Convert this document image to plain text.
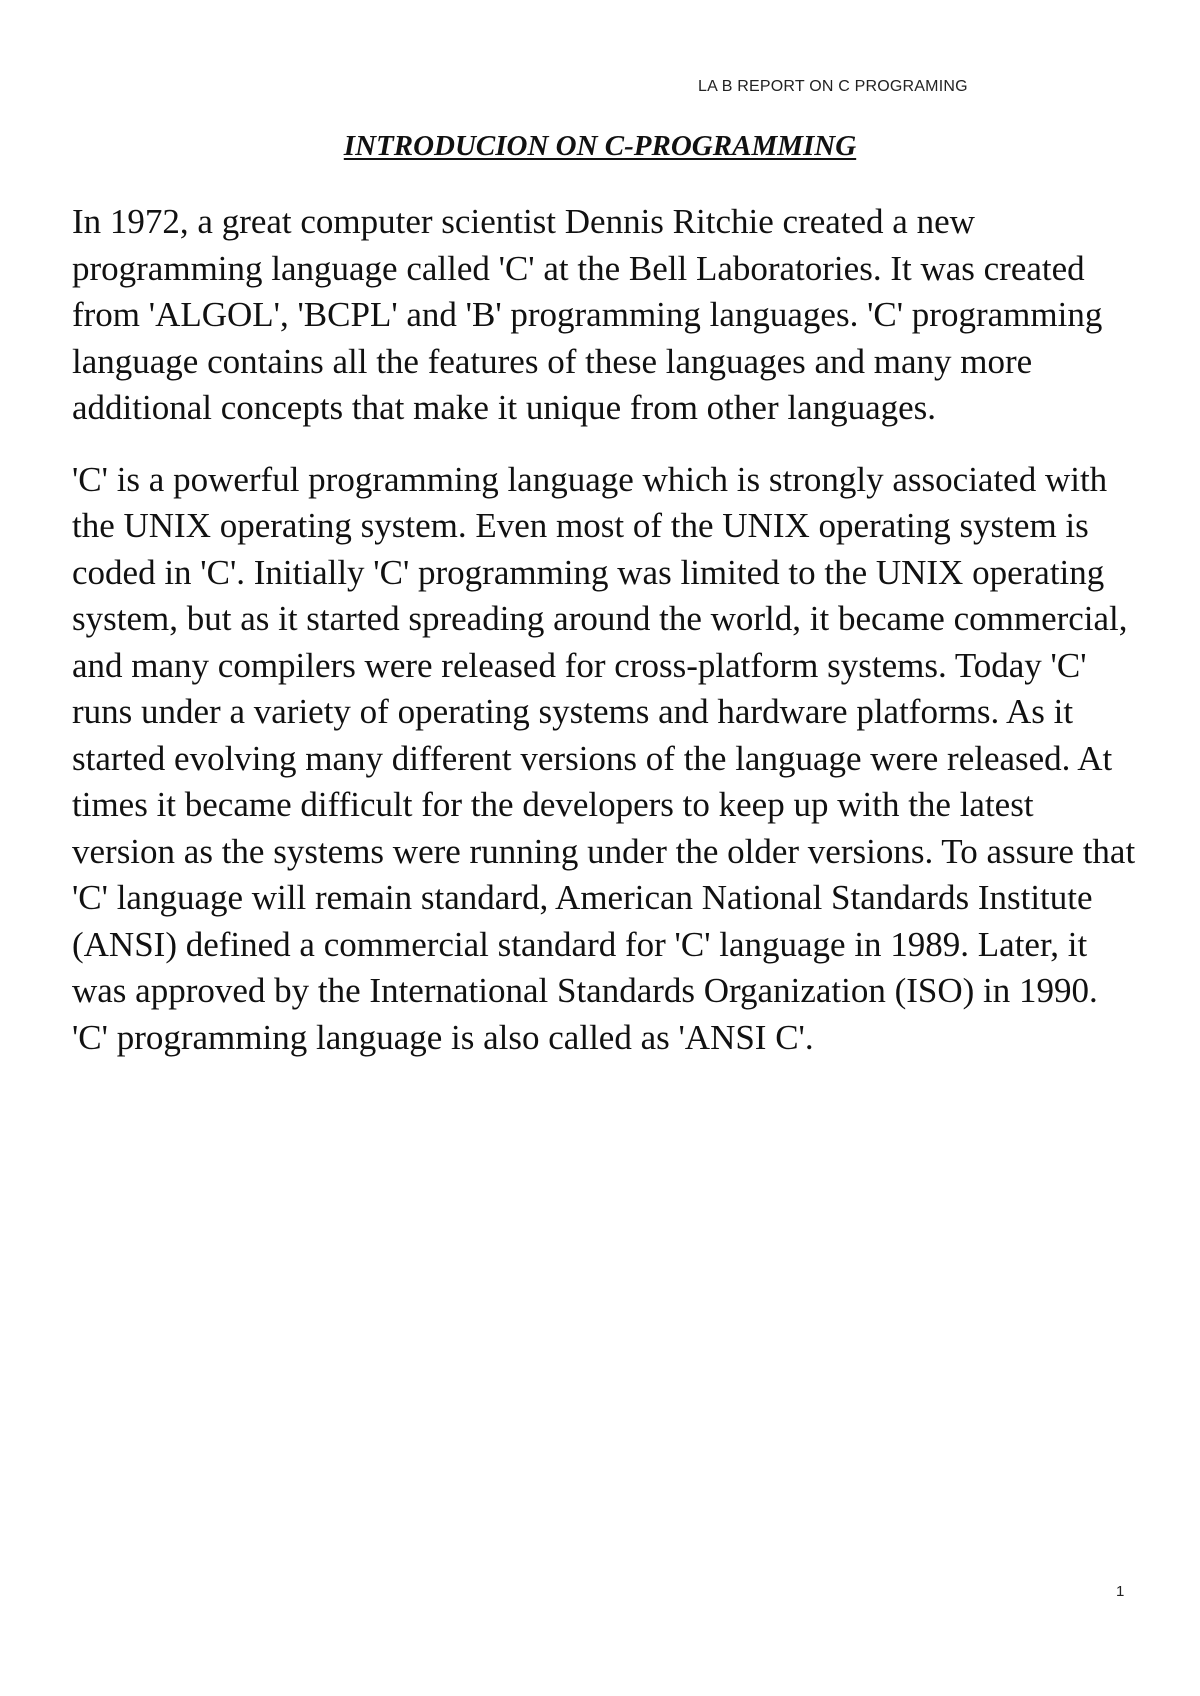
LA B REPORT ON C PROGRAMING
INTRODUCION ON C-PROGRAMMING

In 1972, a great computer scientist Dennis Ritchie created a new programming language called 'C' at the Bell Laboratories. It was created from 'ALGOL', 'BCPL' and 'B' programming languages. 'C' programming language contains all the features of these languages and many more additional concepts that make it unique from other languages.

'C' is a powerful programming language which is strongly associated with the UNIX operating system. Even most of the UNIX operating system is coded in 'C'. Initially 'C' programming was limited to the UNIX operating system, but as it started spreading around the world, it became commercial, and many compilers were released for cross-platform systems. Today 'C' runs under a variety of operating systems and hardware platforms. As it started evolving many different versions of the language were released. At times it became difficult for the developers to keep up with the latest version as the systems were running under the older versions. To assure that 'C' language will remain standard, American National Standards Institute (ANSI) defined a commercial standard for 'C' language in 1989. Later, it was approved by the International Standards Organization (ISO) in 1990. 'C' programming language is also called as 'ANSI C'.

1
